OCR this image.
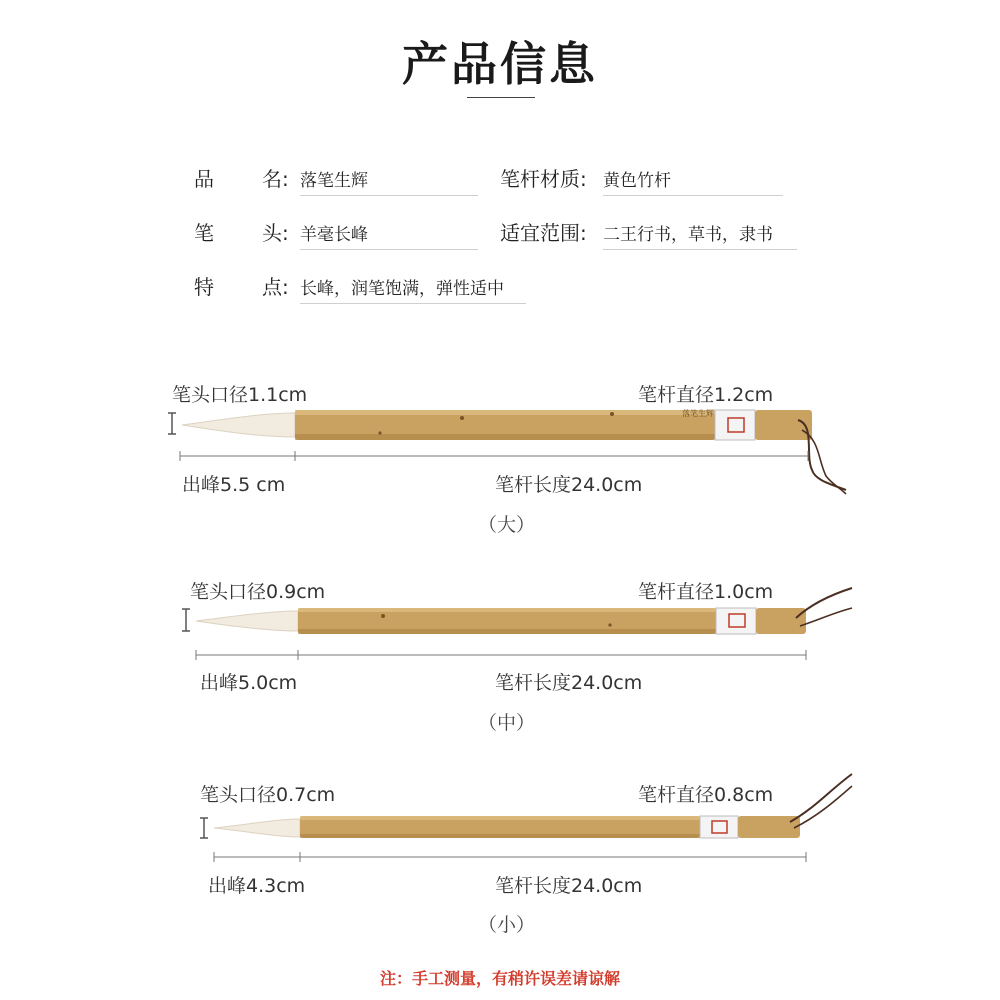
产品信息
品 名: 落笔生辉	笔杆材质: 黄色竹杆
笔 头: 羊毫长峰	适宜范围: 二王行书，草书，隶书
特 点: 长峰，润笔饱满，弹性适中
笔头口径1.1cm	笔杆直径1.2cm
落笔生辉
出峰5.5 cm	笔杆长度24.0cm
（大）
笔头口径0.9cm	笔杆直径1.0cm
出峰5.0cm	笔杆长度24.0cm
（中）
笔头口径0.7cm	笔杆直径0.8cm
出峰4.3cm	笔杆长度24.0cm
（小）
注：手工测量，有稍许误差请谅解
